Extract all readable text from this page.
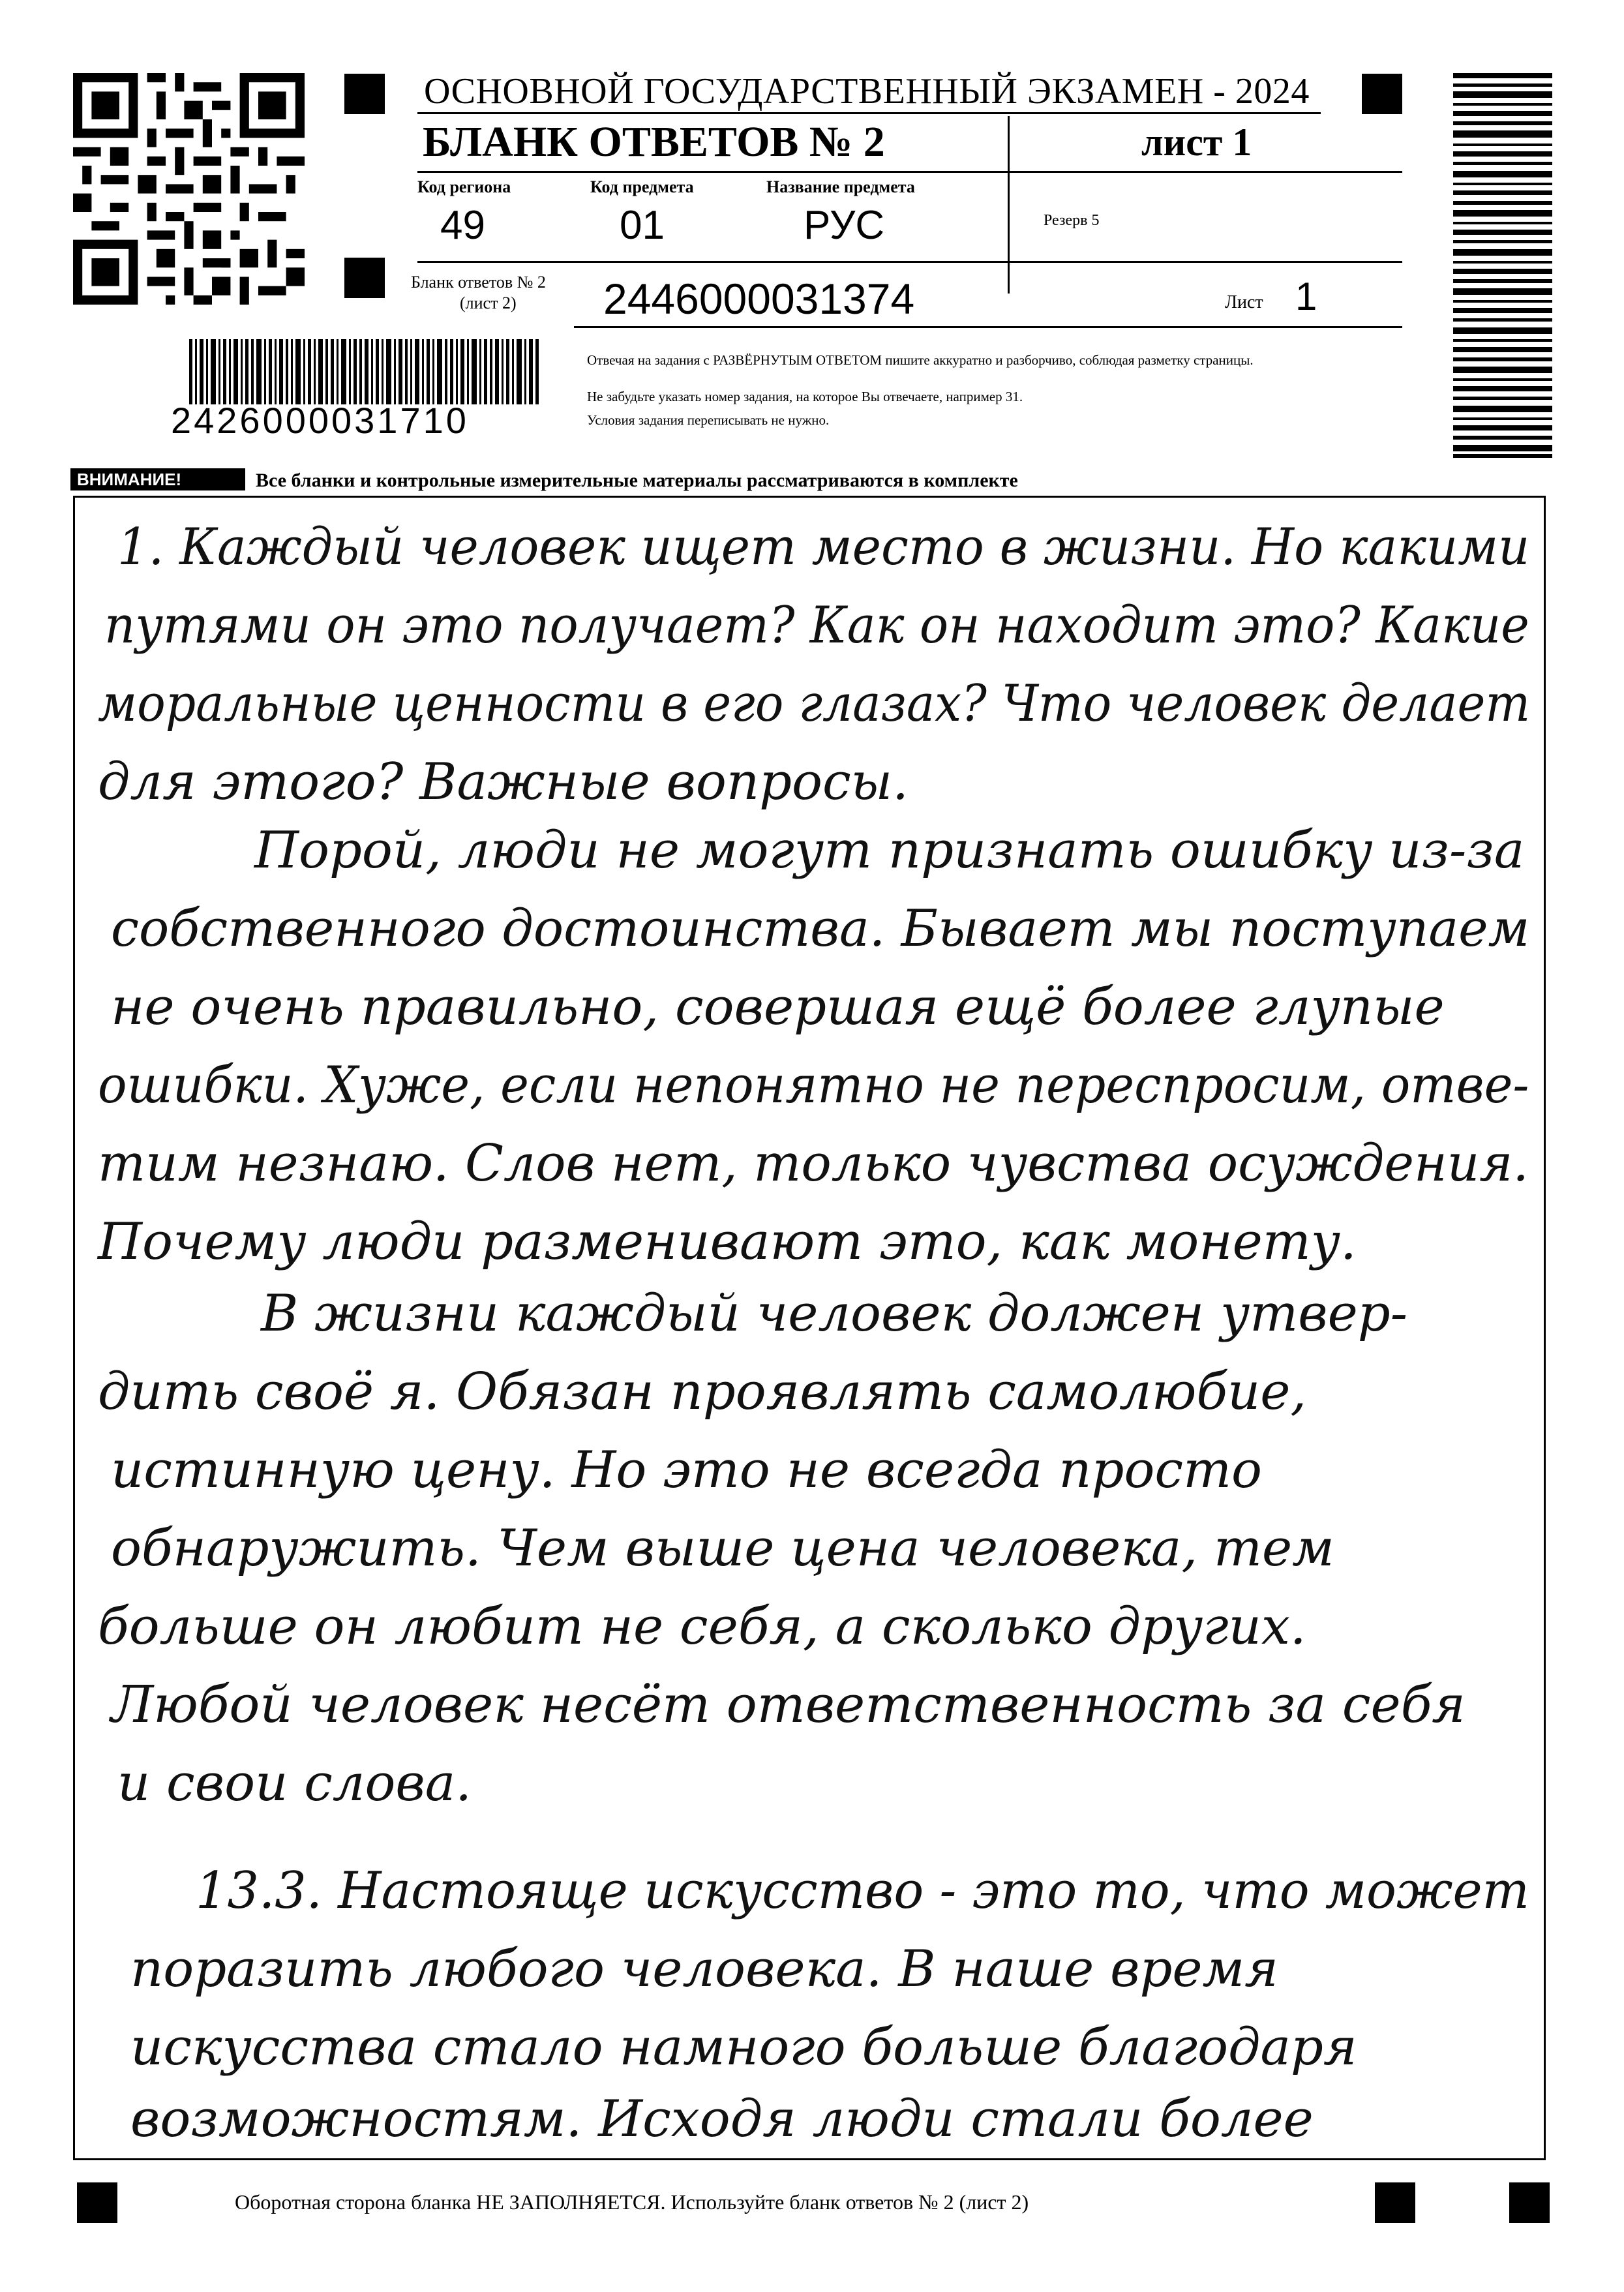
ОСНОВНОЙ ГОСУДАРСТВЕННЫЙ ЭКЗАМЕН - 2024
БЛАНК ОТВЕТОВ № 2	лист 1
Код региона
49
Код предмета
01
Название предмета
РУС	Резерв 5
Бланк ответов № 2
(лист 2) 2446000031374	Лист 1
2426000031710
Отвечая на задания с РАЗВЁРНУТЫМ ОТВЕТОМ пишите аккуратно и разборчиво, соблюдая разметку страницы.
Не забудьте указать номер задания, на которое Вы отвечаете, например 31.
Условия задания переписывать не нужно.
ВНИМАНИЕ!	Все бланки и контрольные измерительные материалы рассматриваются в комплекте
1. Каждый человек ищет место в жизни. Но какими
путями он это получает? Как он находит это? Какие
моральные ценности в его глазах? Что человек делает
для этого? Важные вопросы.
Порой, люди не могут признать ошибку из-за
собственного достоинства. Бывает мы поступаем
не очень правильно, совершая ещё более глупые
ошибки. Хуже, если непонятно не переспросим, отве-
тим незнаю. Слов нет, только чувства осуждения.
Почему люди разменивают это, как монету.
В жизни каждый человек должен утвер-
дить своё я. Обязан проявлять самолюбие,
истинную цену. Но это не всегда просто
обнаружить. Чем выше цена человека, тем
больше он любит не себя, а сколько других.
Любой человек несёт ответственность за себя
и свои слова.
13.3. Настояще искусство - это то, что может
поразить любого человека. В наше время
искусства стало намного больше благодаря
возможностям. Исходя люди стали более
Оборотная сторона бланка НЕ ЗАПОЛНЯЕТСЯ. Используйте бланк ответов № 2 (лист 2)
